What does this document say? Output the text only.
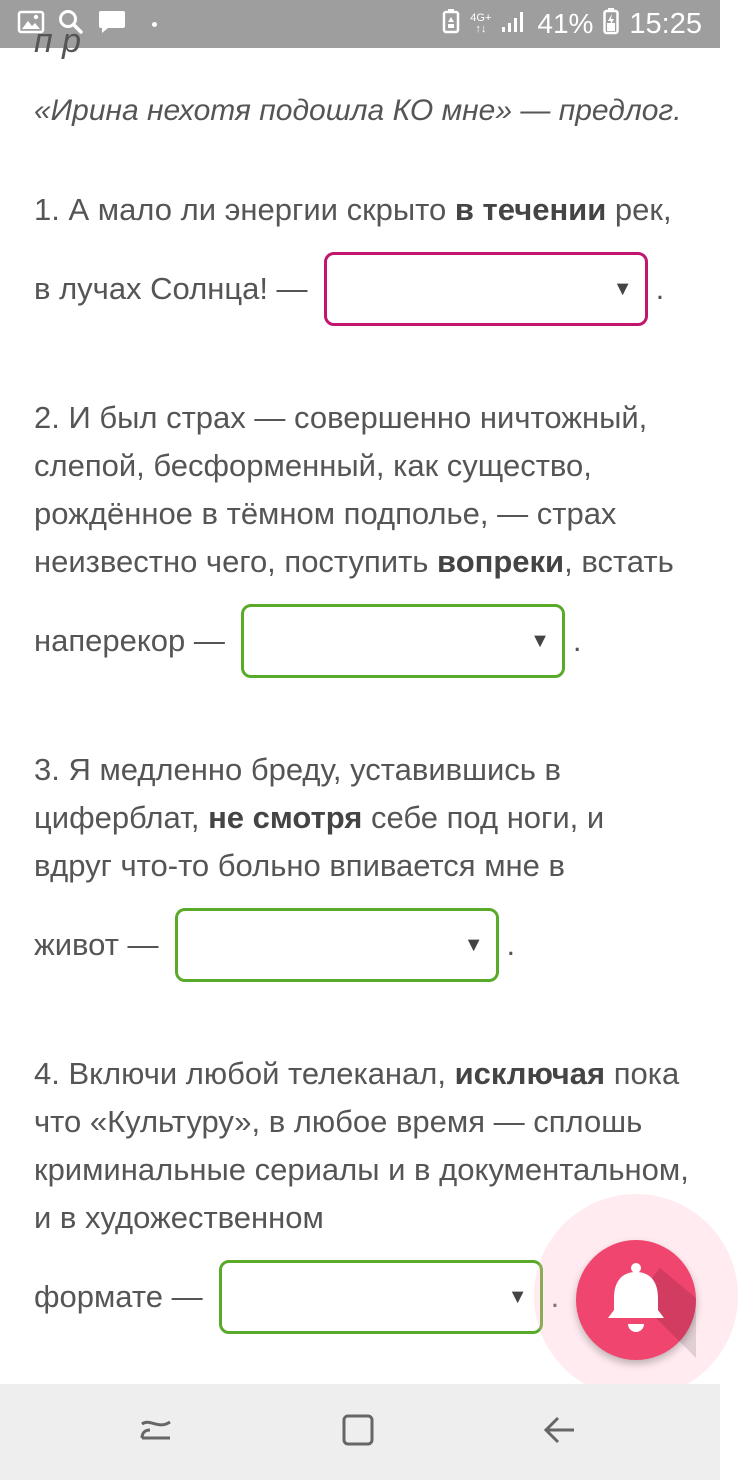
4G+
↑↓ 41% 15:25
п р
«Ирина нехотя подошла КО мне» — предлог.
1. А мало ли энергии скрыто в течении рек,
в лучах Солнца! —	▼ .
2. И был страх — совершенно ничтожный, слепой, бесформенный, как существо, рождённое в тёмном подполье, — страх неизвестно чего, поступить вопреки, встать
наперекор —	▼ .
3. Я медленно бреду, уставившись в циферблат, не смотря себе под ноги, и вдруг что-то больно впивается мне в
живот —	▼ .
4. Включи любой телеканал, исключая пока что «Культуру», в любое время — сплошь криминальные сериалы и в документальном, и в художественном
формате —	▼ .
